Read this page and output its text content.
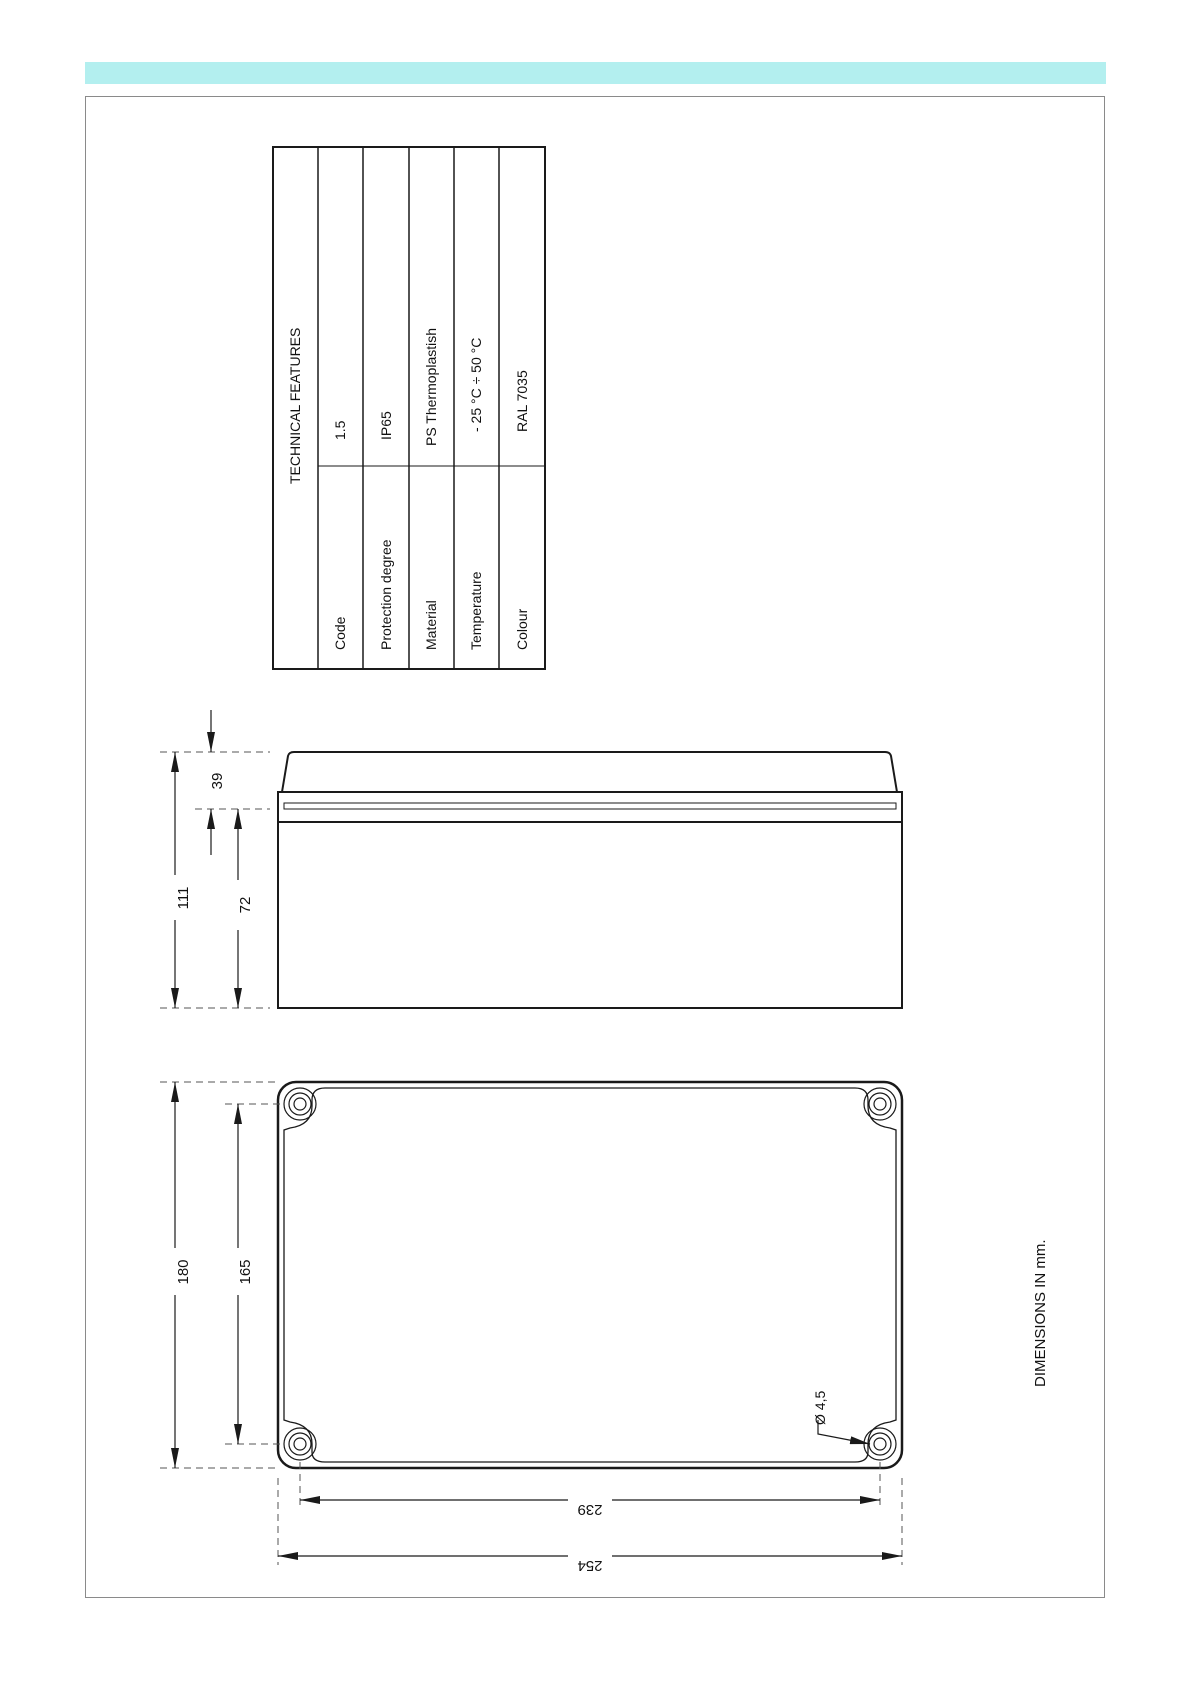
TECHNICAL FEATURES
Code
1.5
Protection degree
IP65
Material
PS Thermoplastish
Temperature
- 25 °C ÷ 50 °C
Colour
RAL 7035
111
39
72
180	165
239
254
Ø 4,5
DIMENSIONS IN mm.
